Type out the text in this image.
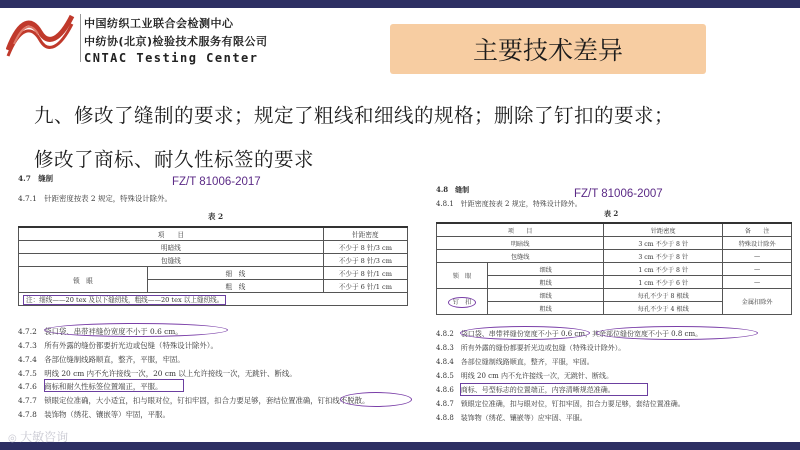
中国纺织工业联合会检测中心
中纺协(北京)检验技术服务有限公司
CNTAC Testing Center	主要技术差异
九、修改了缝制的要求；规定了粗线和细线的规格；删除了钉扣的要求；
修改了商标、耐久性标签的要求
FZ/T 81006-2017
4.7　缝制
4.7.1　针距密度按表 2 规定，特殊设计除外。
表 2
项　　目		针距密度
明暗线		不少于 8 针/3 cm
包缝线		不少于 8 针/3 cm
锁　眼	细　线	不少于 8 针/1 cm
	粗　线	不少于 6 针/1 cm
注：细线——20 tex 及以下缝纫线，粗线——20 tex 以上缝纫线。		
4.7.2　袋口袋、串带袢缝份宽度不小于 0.6 cm。
4.7.3　所有外露的缝份都要折光边或包缝（特殊设计除外）。
4.7.4　各部位缝制线路顺直，整齐，平服，牢固。
4.7.5　明线 20 cm 内不允许接线一次，20 cm 以上允许接线一次，无跳针、断线。
4.7.6　商标和耐久性标签位置端正，平服。
4.7.7　锁眼定位准确，大小适宜，扣与眼对位，钉扣牢固，扣合力要足够，套结位置准确，钉扣线不脱散。
4.7.8　装饰物（绣花、镶嵌等）牢固，平服。
FZ/T 81006-2007
4.8　缝制
4.8.1　针距密度按表 2 规定，特殊设计除外。
表 2
项　　目		针距密度	备　　注
明暗线		3 cm 不少于 8 针	特殊设计除外
包缝线		3 cm 不少于 8 针	—
锁　眼	细线	1 cm 不少于 8 针	—
	粗线	1 cm 不少于 6 针	—
钉　扣	细线	每孔不少于 8 根线	金属扣除外
	粗线	每孔不少于 4 根线	
4.8.2　袋口袋、串带袢缝份宽度不小于 0.6 cm，其余部位缝份宽度不小于 0.8 cm。
4.8.3　所有外露的缝份都要折光边或包缝（特殊设计除外）。
4.8.4　各部位缝制线路顺直，整齐，平服，牢固。
4.8.5　明线 20 cm 内不允许接线一次，无跳针、断线。
4.8.6　商标、号型标志的位置端正，内容清晰规范准确。
4.8.7　锁眼定位准确，扣与眼对位，钉扣牢固，扣合力要足够，套结位置准确。
4.8.8　装饰物（绣花、镶嵌等）应牢固、平服。
◎ 大敏咨询
